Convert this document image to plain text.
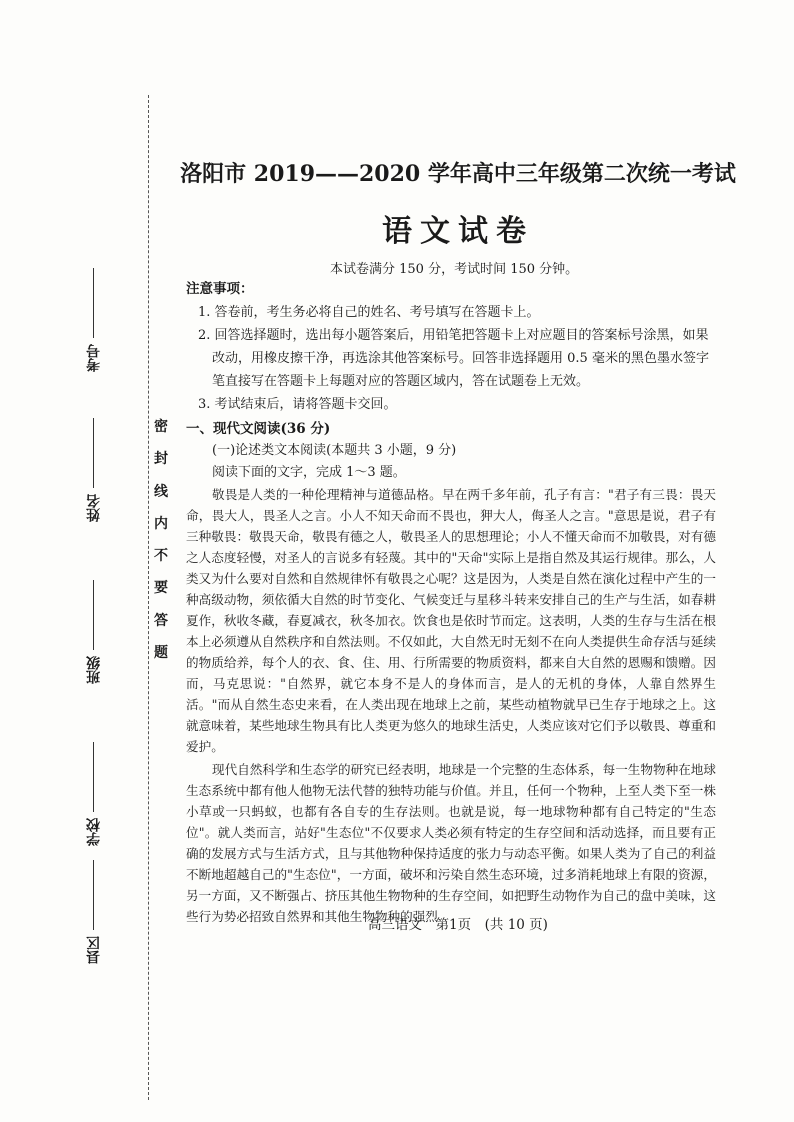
密
封
线
内
不
要
答
题
考号
姓名
班级
学校
县区
洛阳市 2019——2020 学年高中三年级第二次统一考试
语文试卷
本试卷满分 150 分，考试时间 150 分钟。

注意事项：

1. 答卷前，考生务必将自己的姓名、考号填写在答题卡上。

2. 回答选择题时，选出每小题答案后，用铅笔把答题卡上对应题目的答案标号涂黑，如果改动，用橡皮擦干净，再选涂其他答案标号。回答非选择题用 0.5 毫米的黑色墨水签字笔直接写在答题卡上每题对应的答题区域内，答在试题卷上无效。

3. 考试结束后，请将答题卡交回。

一、现代文阅读(36 分)

(一)论述类文本阅读(本题共 3 小题，9 分)

阅读下面的文字，完成 1～3 题。

敬畏是人类的一种伦理精神与道德品格。早在两千多年前，孔子有言："君子有三畏：畏天命，畏大人，畏圣人之言。小人不知天命而不畏也，狎大人，侮圣人之言。"意思是说，君子有三种敬畏：敬畏天命，敬畏有德之人，敬畏圣人的思想理论；小人不懂天命而不加敬畏，对有德之人态度轻慢，对圣人的言说多有轻蔑。其中的"天命"实际上是指自然及其运行规律。那么，人类又为什么要对自然和自然规律怀有敬畏之心呢？这是因为，人类是自然在演化过程中产生的一种高级动物，须依循大自然的时节变化、气候变迁与星移斗转来安排自己的生产与生活，如春耕夏作，秋收冬藏，春夏减衣，秋冬加衣。饮食也是依时节而定。这表明，人类的生存与生活在根本上必须遵从自然秩序和自然法则。不仅如此，大自然无时无刻不在向人类提供生命存活与延续的物质给养，每个人的衣、食、住、用、行所需要的物质资料，都来自大自然的恩赐和馈赠。因而，马克思说："自然界，就它本身不是人的身体而言，是人的无机的身体，人靠自然界生活。"而从自然生态史来看，在人类出现在地球上之前，某些动植物就早已生存于地球之上。这就意味着，某些地球生物具有比人类更为悠久的地球生活史，人类应该对它们予以敬畏、尊重和爱护。

现代自然科学和生态学的研究已经表明，地球是一个完整的生态体系，每一生物物种在地球生态系统中都有他人他物无法代替的独特功能与价值。并且，任何一个物种，上至人类下至一株小草或一只蚂蚁，也都有各自专的生存法则。也就是说，每一地球物种都有自己特定的"生态位"。就人类而言，站好"生态位"不仅要求人类必须有特定的生存空间和活动选择，而且要有正确的发展方式与生活方式，且与其他物种保持适度的张力与动态平衡。如果人类为了自己的利益不断地超越自己的"生态位"，一方面，破坏和污染自然生态环境，过多消耗地球上有限的资源，另一方面，又不断强占、挤压其他生物物种的生存空间，如把野生动物作为自己的盘中美味，这些行为势必招致自然界和其他生物物种的强烈

高三语文　第1页　(共 10 页)
